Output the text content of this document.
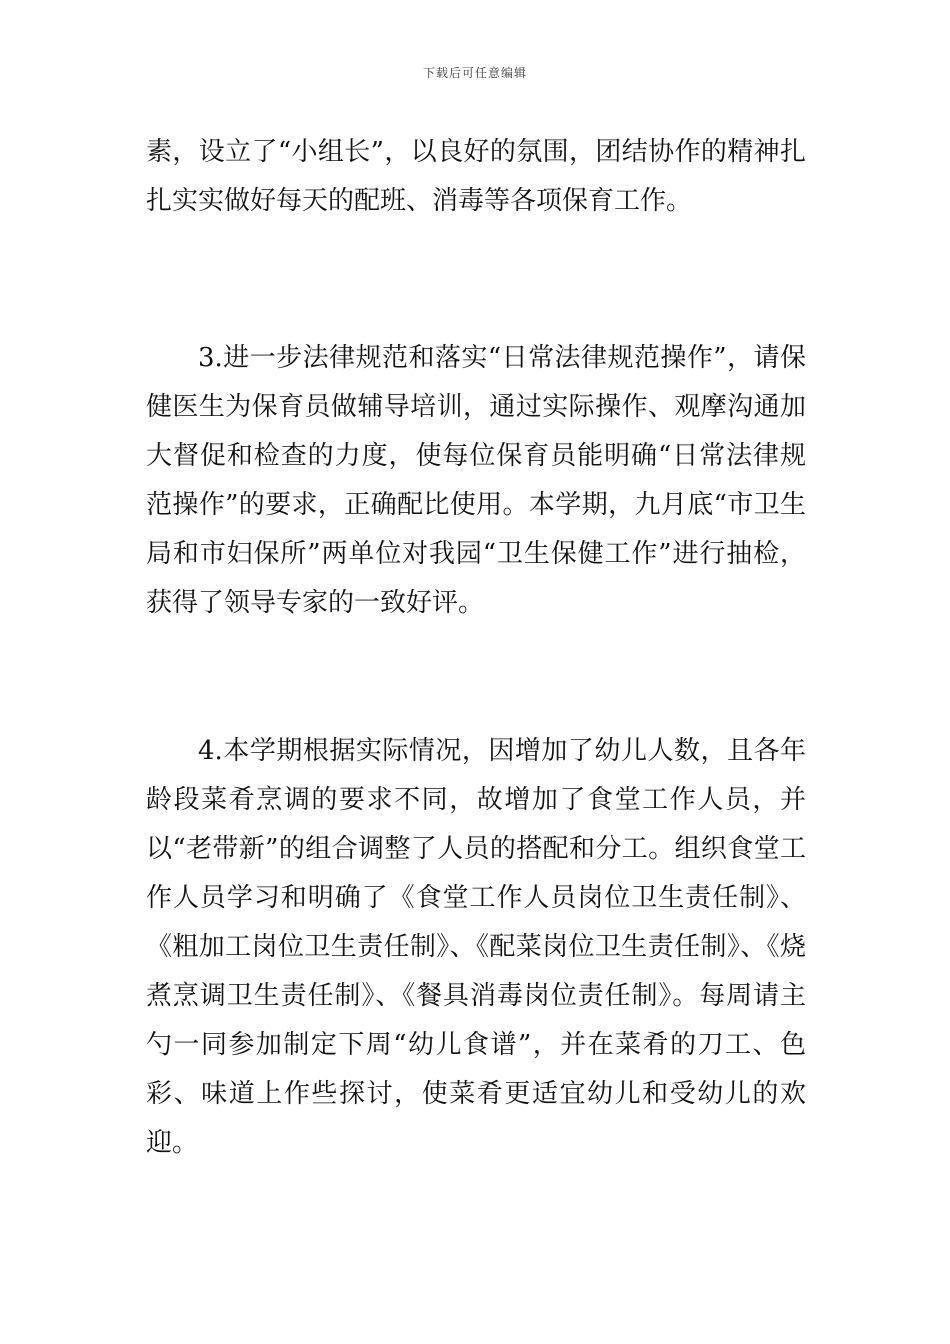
下载后可任意编辑

素，设立了“小组长”，以良好的氛围，团结协作的精神扎扎实实做好每天的配班、消毒等各项保育工作。

3.进一步法律规范和落实“日常法律规范操作”，请保健医生为保育员做辅导培训，通过实际操作、观摩沟通加大督促和检查的力度，使每位保育员能明确“日常法律规范操作”的要求，正确配比使用。本学期，九月底“市卫生局和市妇保所”两单位对我园“卫生保健工作”进行抽检，获得了领导专家的一致好评。

4.本学期根据实际情况，因增加了幼儿人数，且各年龄段菜肴烹调的要求不同，故增加了食堂工作人员，并以“老带新”的组合调整了人员的搭配和分工。组织食堂工作人员学习和明确了《食堂工作人员岗位卫生责任制》、《粗加工岗位卫生责任制》、《配菜岗位卫生责任制》、《烧煮烹调卫生责任制》、《餐具消毒岗位责任制》。每周请主勺一同参加制定下周“幼儿食谱”，并在菜肴的刀工、色彩、味道上作些探讨，使菜肴更适宜幼儿和受幼儿的欢迎。
